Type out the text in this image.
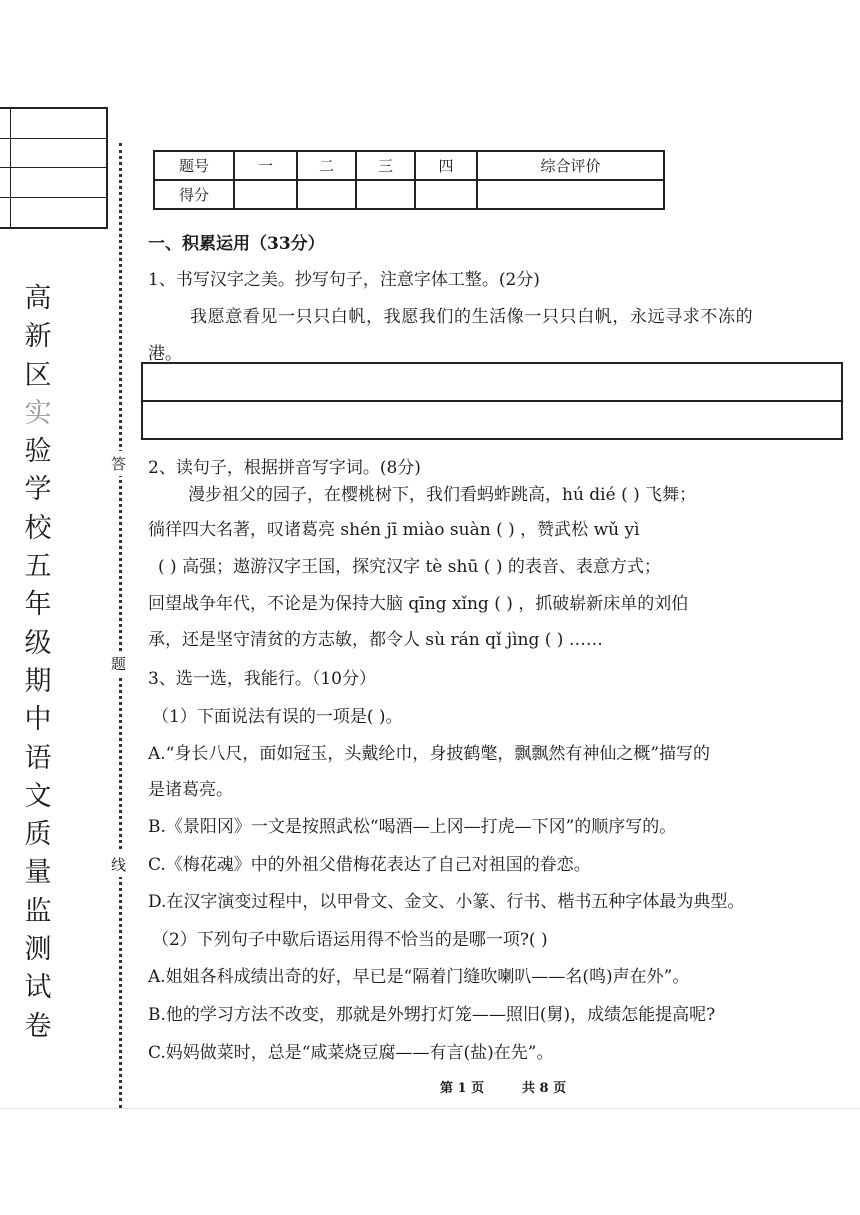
高
新
区
实
验
学
校
五
年
级
期
中
语
文
质
量
监
测
试
卷
答
题
线
题号	一	二	三	四	综合评价
得分					
一、积累运用（33分）
1、书写汉字之美。抄写句子，注意字体工整。(2分)
我愿意看见一只只白帆，我愿我们的生活像一只只白帆，永远寻求不冻的
港。
2、读句子，根据拼音写字词。(8分)
漫步祖父的园子，在樱桃树下，我们看蚂蚱跳高，hú dié ( ) 飞舞；
徜徉四大名著，叹诸葛亮 shén jī miào suàn ( ) ，赞武松 wǔ yì
( ) 高强；遨游汉字王国，探究汉字 tè shū ( ) 的表音、表意方式；
回望战争年代，不论是为保持大脑 qīng xǐng ( ) ，抓破崭新床单的刘伯
承，还是坚守清贫的方志敏，都令人 sù rán qǐ jìng ( ) ……
3、选一选，我能行。（10分）
（1）下面说法有误的一项是( )。
A.“身长八尺，面如冠玉，头戴纶巾，身披鹤氅，飘飘然有神仙之概”描写的
是诸葛亮。
B.《景阳冈》一文是按照武松“喝酒—上冈—打虎—下冈”的顺序写的。
C.《梅花魂》中的外祖父借梅花表达了自己对祖国的眷恋。
D.在汉字演变过程中，以甲骨文、金文、小篆、行书、楷书五种字体最为典型。
（2）下列句子中歇后语运用得不恰当的是哪一项?( )
A.姐姐各科成绩出奇的好，早已是“隔着门缝吹喇叭——名(鸣)声在外”。
B.他的学习方法不改变，那就是外甥打灯笼——照旧(舅)，成绩怎能提高呢?
C.妈妈做菜时，总是“咸菜烧豆腐——有言(盐)在先”。
第 1 页	共 8 页
